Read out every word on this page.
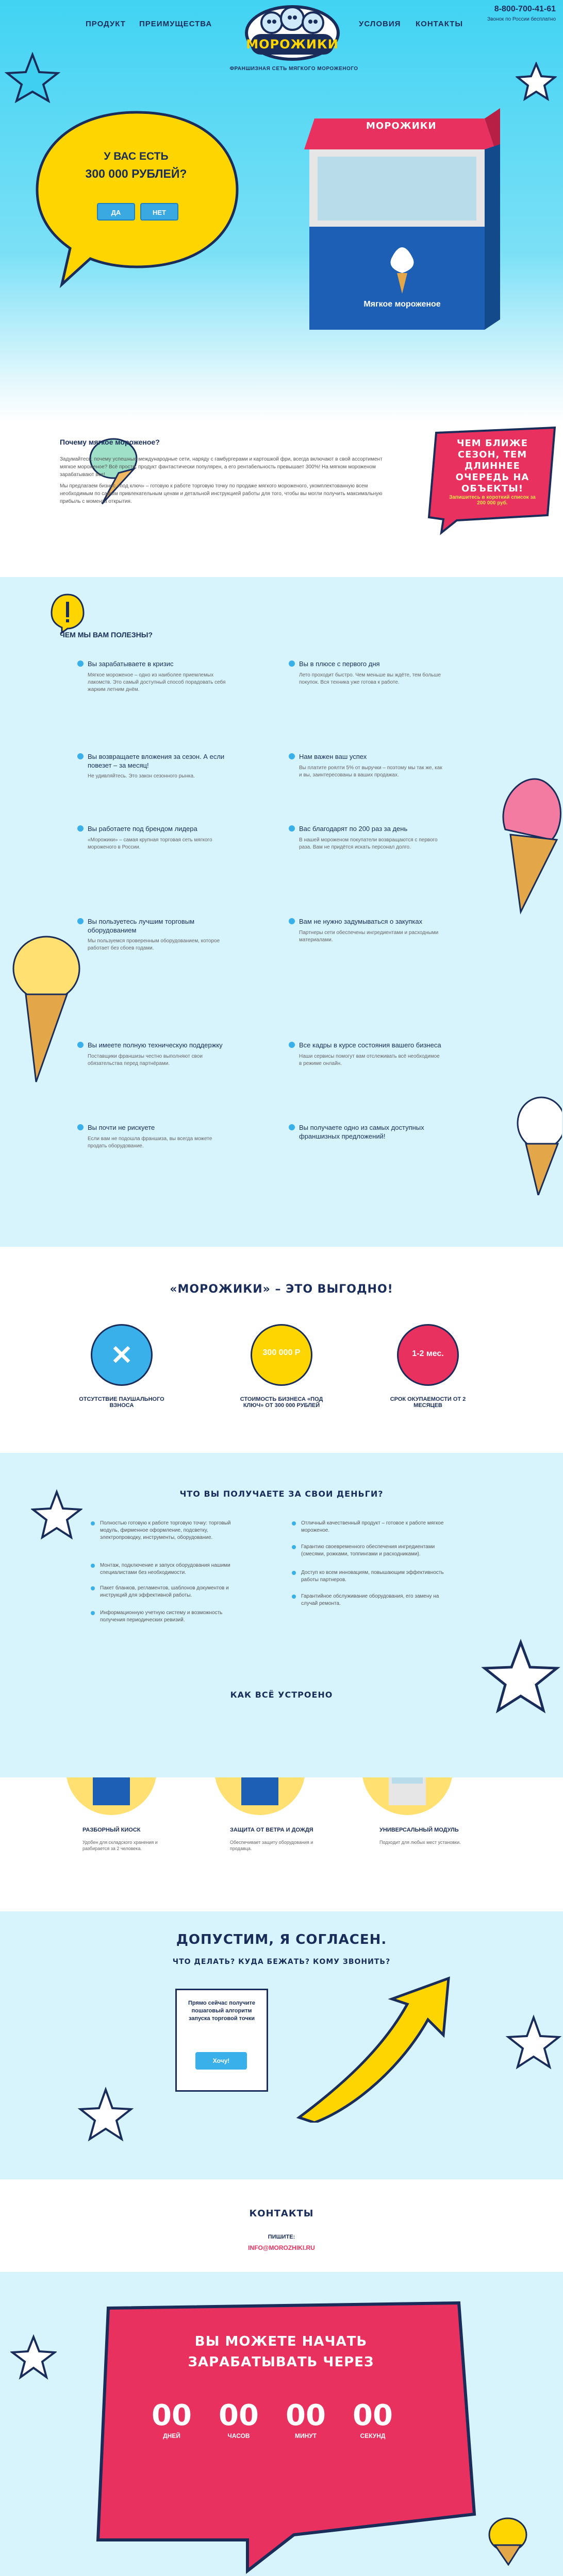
ПРОДУКТ ПРЕИМУЩЕСТВА	УСЛОВИЯ КОНТАКТЫ
МОРОЖИКИ
ФРАНШИЗНАЯ СЕТЬ МЯГКОГО МОРОЖЕНОГО
8-800-700-41-61
Звонок по России бесплатно
У ВАС ЕСТЬ
300 000 РУБЛЕЙ?
ДА	НЕТ
МОРОЖИКИ
Мягкое мороженое
Почему мягкое мороженое?
Задумайтесь: почему успешные международные сети, наряду с гамбургерами и картошкой фри, всегда включают в свой ассортимент мягкое мороженое? Всё просто: продукт фантастически популярен, а его рентабельность превышает 300%! На мягком мороженом зарабатывают все!
Мы предлагаем бизнес «под ключ» – готовую к работе торговую точку по продаже мягкого мороженого, укомплектованную всем необходимым по самым привлекательным ценам и детальной инструкцией работы для того, чтобы вы могли получить максимальную прибыль с момента открытия.
ЧЕМ БЛИЖЕ СЕЗОН, ТЕМ ДЛИННЕЕ ОЧЕРЕДЬ НА ОБЪЕКТЫ!
Запишитесь в короткий список за 200 000 руб.
ЧЕМ МЫ ВАМ ПОЛЕЗНЫ?
Вы зарабатываете в кризис
Мягкое мороженое – одно из наиболее приемлемых лакомств. Это самый доступный способ порадовать себя жарким летним днём.
Вы в плюсе с первого дня
Лето проходит быстро. Чем меньше вы ждёте, тем больше покупок. Вся техника уже готова к работе.
Вы возвращаете вложения за сезон. А если повезет – за месяц!
Не удивляйтесь. Это закон сезонного рынка.
Нам важен ваш успех
Вы платите роялти 5% от выручки – поэтому мы так же, как и вы, заинтересованы в ваших продажах.
Вы работаете под брендом лидера
«Морожики» – самая крупная торговая сеть мягкого мороженого в России.
Вас благодарят по 200 раз за день
В нашей мороженом покупатели возвращаются с первого раза. Вам не придётся искать персонал долго.
Вы пользуетесь лучшим торговым оборудованием
Мы пользуемся проверенным оборудованием, которое работает без сбоев годами.
Вам не нужно задумываться о закупках
Партнеры сети обеспечены ингредиентами и расходными материалами.
Вы имеете полную техническую поддержку
Поставщики франшизы честно выполняют свои обязательства перед партнёрами.
Все кадры в курсе состояния вашего бизнеса
Наши сервисы помогут вам отслеживать всё необходимое в режиме онлайн.
Вы почти не рискуете
Если вам не подошла франшиза, вы всегда можете продать оборудование.
Вы получаете одно из самых доступных франшизных предложений!
«МОРОЖИКИ» – ЭТО ВЫГОДНО!
✕	300 000 Р	1-2 мес.
ОТСУТСТВИЕ ПАУШАЛЬНОГО ВЗНОСА
СТОИМОСТЬ БИЗНЕСА «ПОД КЛЮЧ» ОТ 300 000 РУБЛЕЙ
СРОК ОКУПАЕМОСТИ ОТ 2 МЕСЯЦЕВ
ЧТО ВЫ ПОЛУЧАЕТЕ ЗА СВОИ ДЕНЬГИ?
Полностью готовую к работе торговую точку: торговый модуль, фирменное оформление, подсветку, электропроводку, инструменты, оборудование.
Монтаж, подключение и запуск оборудования нашими специалистами без необходимости.
Пакет бланков, регламентов, шаблонов документов и инструкций для эффективной работы.
Информационную учетную систему и возможность получения периодических ревизий.
Отличный качественный продукт – готовое к работе мягкое мороженое.
Гарантию своевременного обеспечения ингредиентами (смесями, рожками, топпингами и расходниками).
Доступ ко всем инновациям, повышающим эффективность работы партнеров.
Гарантийное обслуживание оборудования, его замену на случай ремонта.
КАК ВСЁ УСТРОЕНО
РАЗБОРНЫЙ КИОСК	ЗАЩИТА ОТ ВЕТРА И ДОЖДЯ	УНИВЕРСАЛЬНЫЙ МОДУЛЬ
Удобен для складского хранения и разбирается за 2 человека.
Обеспечивает защиту оборудования и продавца.
Подходит для любых мест установки.
ДОПУСТИМ, Я СОГЛАСЕН.
ЧТО ДЕЛАТЬ? КУДА БЕЖАТЬ? КОМУ ЗВОНИТЬ?
Прямо сейчас получите пошаговый алгоритм запуска торговой точки
Хочу!
КОНТАКТЫ
ПИШИТЕ:
INFO@MOROZHIKI.RU
ВЫ МОЖЕТЕ НАЧАТЬ
ЗАРАБАТЫВАТЬ ЧЕРЕЗ
00
ДНЕЙ
00
ЧАСОВ
00
МИНУТ
00
СЕКУНД
